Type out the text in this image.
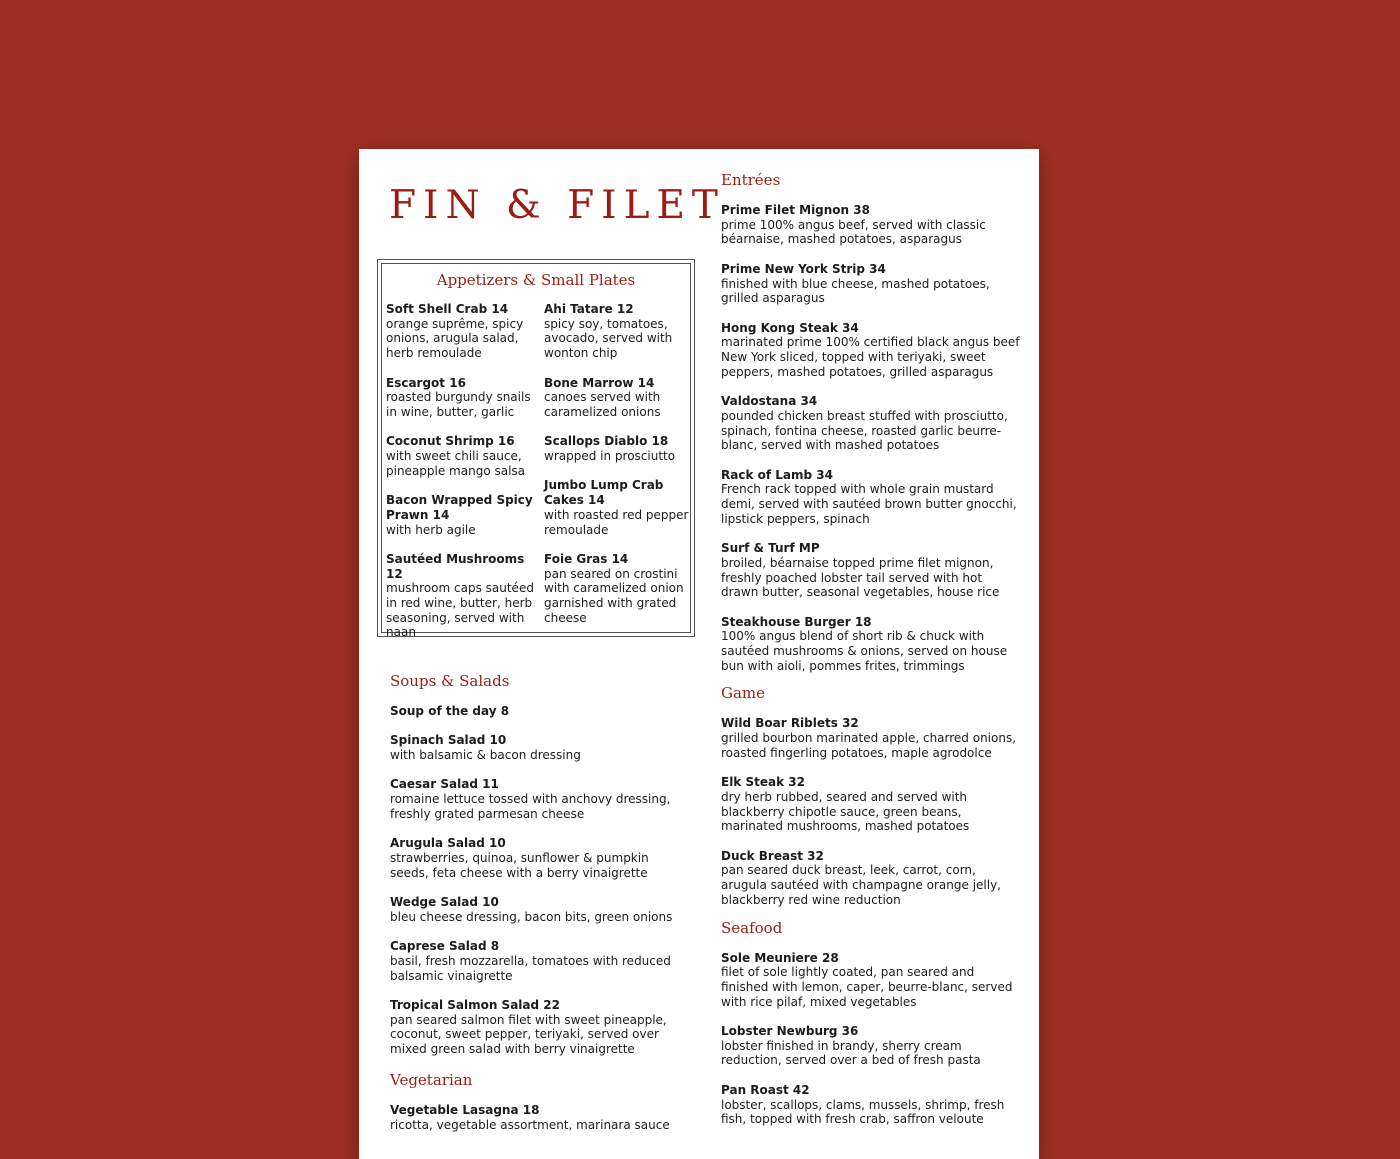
FIN & FILET
Appetizers & Small Plates
Soft Shell Crab 14
orange suprême, spicy onions, arugula salad, herb remoulade
Escargot 16
roasted burgundy snails in wine, butter, garlic
Coconut Shrimp 16
with sweet chili sauce, pineapple mango salsa
Bacon Wrapped Spicy Prawn 14
with herb agile
Sautéed Mushrooms 12
mushroom caps sautéed in red wine, butter, herb seasoning, served with naan
Ahi Tatare 12
spicy soy, tomatoes, avocado, served with wonton chip
Bone Marrow 14
canoes served with caramelized onions
Scallops Diablo 18
wrapped in prosciutto
Jumbo Lump Crab Cakes 14
with roasted red pepper remoulade
Foie Gras 14
pan seared on crostini with caramelized onion garnished with grated cheese
Soups & Salads
Soup of the day 8
Spinach Salad 10
with balsamic & bacon dressing
Caesar Salad 11
romaine lettuce tossed with anchovy dressing, freshly grated parmesan cheese
Arugula Salad 10
strawberries, quinoa, sunflower & pumpkin seeds, feta cheese with a berry vinaigrette
Wedge Salad 10
bleu cheese dressing, bacon bits, green onions
Caprese Salad 8
basil, fresh mozzarella, tomatoes with reduced balsamic vinaigrette
Tropical Salmon Salad 22
pan seared salmon filet with sweet pineapple, coconut, sweet pepper, teriyaki, served over mixed green salad with berry vinaigrette
Vegetarian
Vegetable Lasagna 18
ricotta, vegetable assortment, marinara sauce
Entrées
Prime Filet Mignon 38
prime 100% angus beef, served with classic béarnaise, mashed potatoes, asparagus
Prime New York Strip 34
finished with blue cheese, mashed potatoes, grilled asparagus
Hong Kong Steak 34
marinated prime 100% certified black angus beef New York sliced, topped with teriyaki, sweet peppers, mashed potatoes, grilled asparagus
Valdostana 34
pounded chicken breast stuffed with prosciutto, spinach, fontina cheese, roasted garlic beurre-blanc, served with mashed potatoes
Rack of Lamb 34
French rack topped with whole grain mustard demi, served with sautéed brown butter gnocchi, lipstick peppers, spinach
Surf & Turf MP
broiled, béarnaise topped prime filet mignon, freshly poached lobster tail served with hot drawn butter, seasonal vegetables, house rice
Steakhouse Burger 18
100% angus blend of short rib & chuck with sautéed mushrooms & onions, served on house bun with aioli, pommes frites, trimmings
Game
Wild Boar Riblets 32
grilled bourbon marinated apple, charred onions, roasted fingerling potatoes, maple agrodolce
Elk Steak 32
dry herb rubbed, seared and served with blackberry chipotle sauce, green beans, marinated mushrooms, mashed potatoes
Duck Breast 32
pan seared duck breast, leek, carrot, corn, arugula sautéed with champagne orange jelly, blackberry red wine reduction
Seafood
Sole Meuniere 28
filet of sole lightly coated, pan seared and finished with lemon, caper, beurre-blanc, served with rice pilaf, mixed vegetables
Lobster Newburg 36
lobster finished in brandy, sherry cream reduction, served over a bed of fresh pasta
Pan Roast 42
lobster, scallops, clams, mussels, shrimp, fresh fish, topped with fresh crab, saffron veloute
